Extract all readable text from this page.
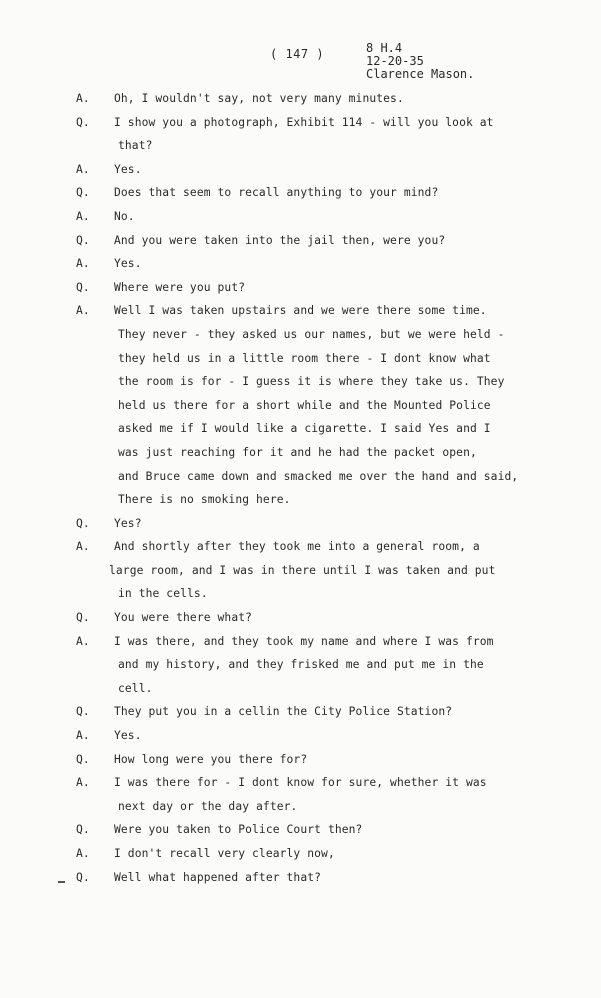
( 147 )	8 H.4
12-20-35
Clarence Mason.
A.	Oh, I wouldn't say, not very many minutes.
Q.	I show you a photograph, Exhibit 114 - will you look at
that?
A.	Yes.
Q.	Does that seem to recall anything to your mind?
A.	No.
Q.	And you were taken into the jail then, were you?
A.	Yes.
Q.	Where were you put?
A.	Well I was taken upstairs and we were there some time.
They never - they asked us our names, but we were held -
they held us in a little room there - I dont know what
the room is for - I guess it is where they take us. They
held us there for a short while and the Mounted Police
asked me if I would like a cigarette. I said Yes and I
was just reaching for it and he had the packet open,
and Bruce came down and smacked me over the hand and said,
There is no smoking here.
Q.	Yes?
A.	And shortly after they took me into a general room, a
large room, and I was in there until I was taken and put
in the cells.
Q.	You were there what?
A.	I was there, and they took my name and where I was from
and my history, and they frisked me and put me in the
cell.
Q.	They put you in a cellin the City Police Station?
A.	Yes.
Q.	How long were you there for?
A.	I was there for - I dont know for sure, whether it was
next day or the day after.
Q.	Were you taken to Police Court then?
A.	I don't recall very clearly now,
Q.	Well what happened after that?
